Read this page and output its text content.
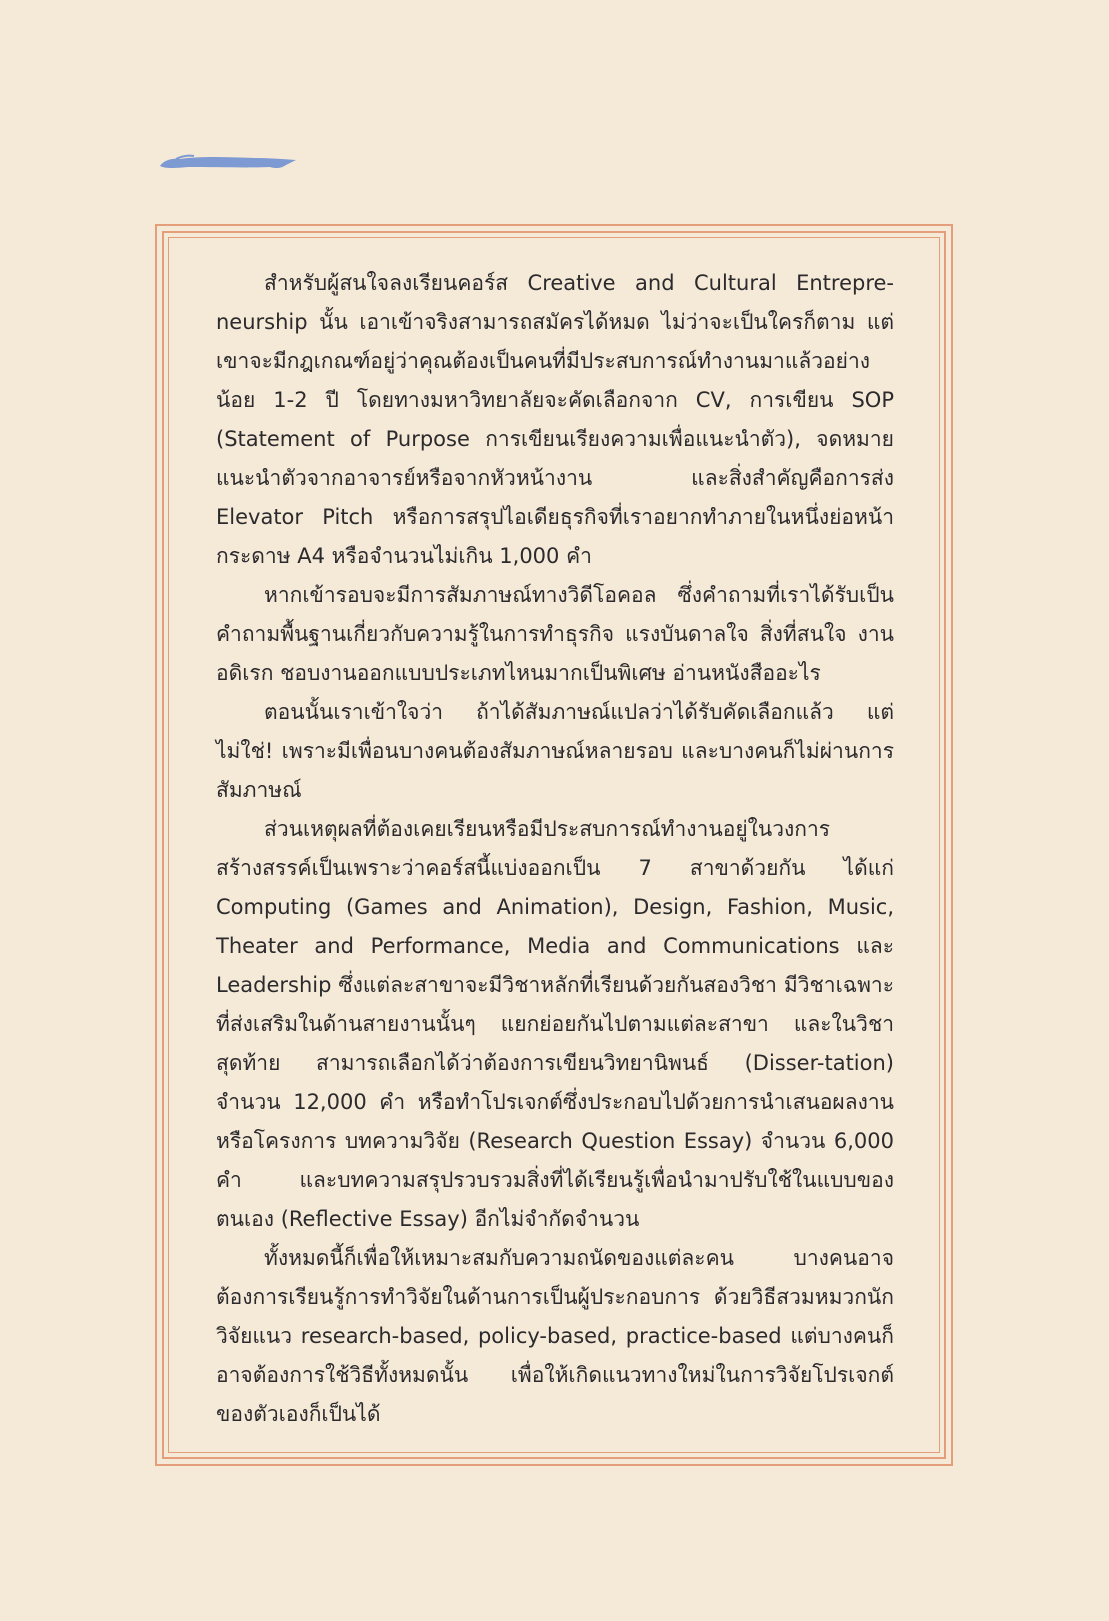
สำหรับผู้สนใจลงเรียนคอร์ส Creative and Cultural Entrepre-neurship นั้น เอาเข้าจริงสามารถสมัครได้หมด ไม่ว่าจะเป็นใครก็ตาม แต่เขาจะมีกฎเกณฑ์อยู่ว่าคุณต้องเป็นคนที่มีประสบการณ์ทำงานมาแล้วอย่างน้อย 1-2 ปี โดยทางมหาวิทยาลัยจะคัดเลือกจาก CV, การเขียน SOP (Statement of Purpose การเขียนเรียงความเพื่อแนะนำตัว), จดหมายแนะนำตัวจากอาจารย์หรือจากหัวหน้างาน และสิ่งสำคัญคือการส่ง Elevator Pitch หรือการสรุปไอเดียธุรกิจที่เราอยากทำภายในหนึ่งย่อหน้ากระดาษ A4 หรือจำนวนไม่เกิน 1,000 คำ

หากเข้ารอบจะมีการสัมภาษณ์ทางวิดีโอคอล ซึ่งคำถามที่เราได้รับเป็นคำถามพื้นฐานเกี่ยวกับความรู้ในการทำธุรกิจ แรงบันดาลใจ สิ่งที่สนใจ งานอดิเรก ชอบงานออกแบบประเภทไหนมากเป็นพิเศษ อ่านหนังสืออะไร

ตอนนั้นเราเข้าใจว่า ถ้าได้สัมภาษณ์แปลว่าได้รับคัดเลือกแล้ว แต่ไม่ใช่! เพราะมีเพื่อนบางคนต้องสัมภาษณ์หลายรอบ และบางคนก็ไม่ผ่านการสัมภาษณ์

ส่วนเหตุผลที่ต้องเคยเรียนหรือมีประสบการณ์ทำงานอยู่ในวงการสร้างสรรค์เป็นเพราะว่าคอร์สนี้แบ่งออกเป็น 7 สาขาด้วยกัน ได้แก่ Computing (Games and Animation), Design, Fashion, Music, Theater and Performance, Media and Communications และ Leadership ซึ่งแต่ละสาขาจะมีวิชาหลักที่เรียนด้วยกันสองวิชา มีวิชาเฉพาะที่ส่งเสริมในด้านสายงานนั้นๆ แยกย่อยกันไปตามแต่ละสาขา และในวิชาสุดท้าย สามารถเลือกได้ว่าต้องการเขียนวิทยานิพนธ์ (Disser-tation) จำนวน 12,000 คำ หรือทำโปรเจกต์ซึ่งประกอบไปด้วยการนำเสนอผลงานหรือโครงการ บทความวิจัย (Research Question Essay) จำนวน 6,000 คำ และบทความสรุปรวบรวมสิ่งที่ได้เรียนรู้เพื่อนำมาปรับใช้ในแบบของตนเอง (Reflective Essay) อีกไม่จำกัดจำนวน

ทั้งหมดนี้ก็เพื่อให้เหมาะสมกับความถนัดของแต่ละคน บางคนอาจต้องการเรียนรู้การทำวิจัยในด้านการเป็นผู้ประกอบการ ด้วยวิธีสวมหมวกนักวิจัยแนว research-based, policy-based, practice-based แต่บางคนก็อาจต้องการใช้วิธีทั้งหมดนั้น เพื่อให้เกิดแนวทางใหม่ในการวิจัยโปรเจกต์ของตัวเองก็เป็นได้
